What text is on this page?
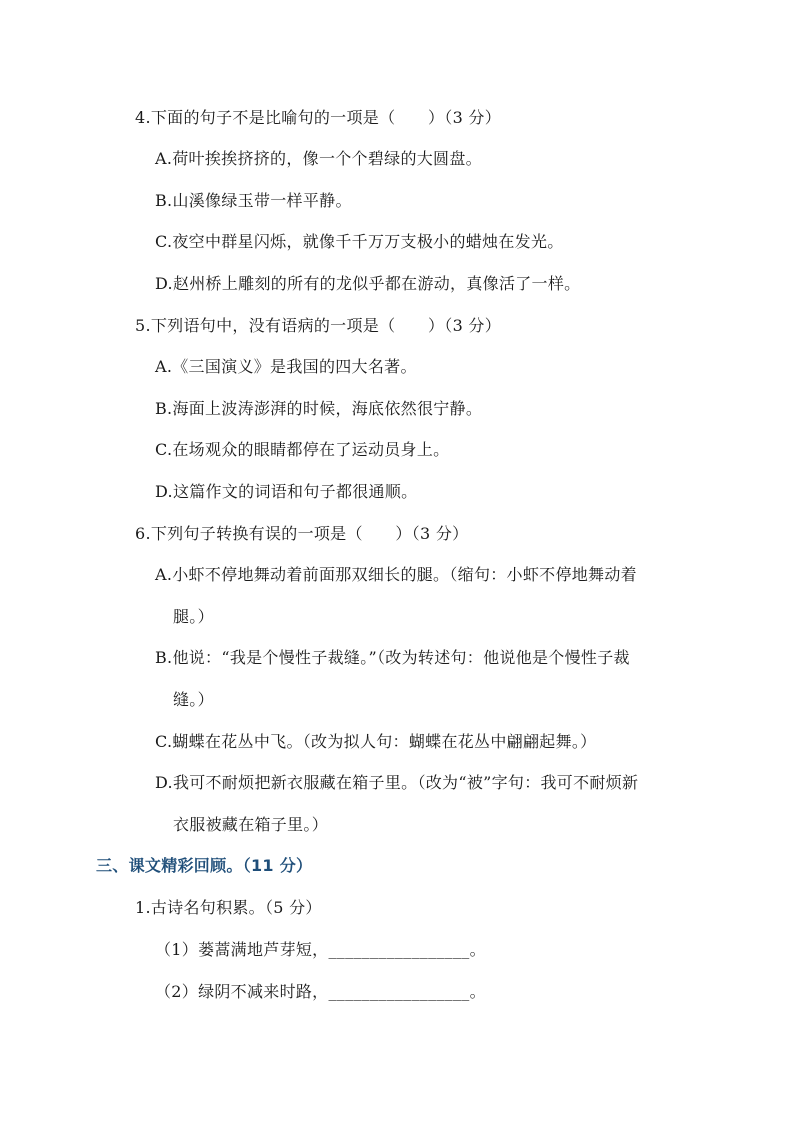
4.下面的句子不是比喻句的一项是（　　）（3 分）
A.荷叶挨挨挤挤的，像一个个碧绿的大圆盘。
B.山溪像绿玉带一样平静。
C.夜空中群星闪烁，就像千千万万支极小的蜡烛在发光。
D.赵州桥上雕刻的所有的龙似乎都在游动，真像活了一样。
5.下列语句中，没有语病的一项是（　　）（3 分）
A.《三国演义》是我国的四大名著。
B.海面上波涛澎湃的时候，海底依然很宁静。
C.在场观众的眼睛都停在了运动员身上。
D.这篇作文的词语和句子都很通顺。
6.下列句子转换有误的一项是（　　）（3 分）
A.小虾不停地舞动着前面那双细长的腿。（缩句：小虾不停地舞动着
腿。）
B.他说：“我是个慢性子裁缝。”（改为转述句：他说他是个慢性子裁
缝。）
C.蝴蝶在花丛中飞。（改为拟人句：蝴蝶在花丛中翩翩起舞。）
D.我可不耐烦把新衣服藏在箱子里。（改为“被”字句：我可不耐烦新
衣服被藏在箱子里。）
三、课文精彩回顾。（11 分）
1.古诗名句积累。（5 分）
（1）蒌蒿满地芦芽短，_________________。
（2）绿阴不减来时路，_________________。
